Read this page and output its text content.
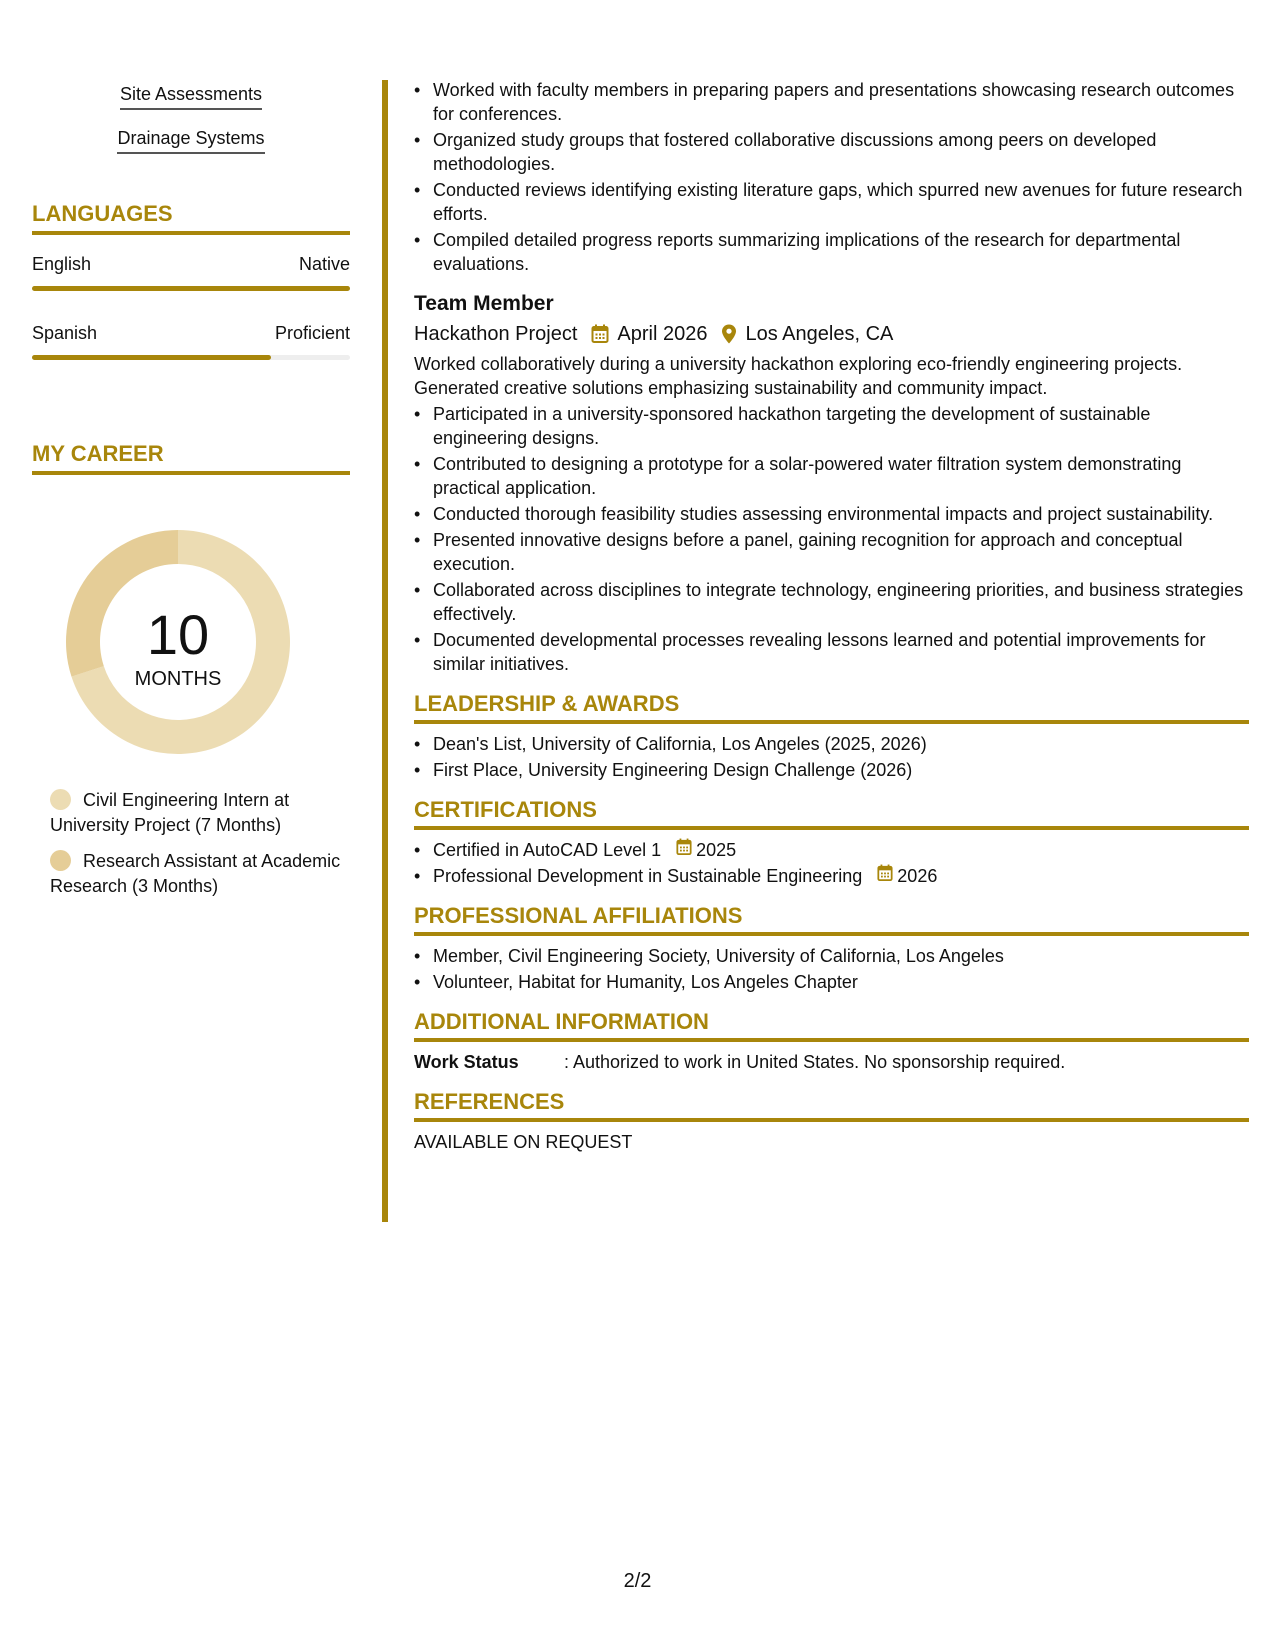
Site Assessments
Drainage Systems
LANGUAGES
English	Native
Spanish	Proficient
MY CAREER
10
MONTHS
Civil Engineering Intern at University Project (7 Months)
Research Assistant at Academic Research (3 Months)
• Worked with faculty members in preparing papers and presentations showcasing research outcomes for conferences.
• Organized study groups that fostered collaborative discussions among peers on developed methodologies.
• Conducted reviews identifying existing literature gaps, which spurred new avenues for future research efforts.
• Compiled detailed progress reports summarizing implications of the research for departmental evaluations.
Team Member
Hackathon Project April 2026 Los Angeles, CA
Worked collaboratively during a university hackathon exploring eco-friendly engineering projects. Generated creative solutions emphasizing sustainability and community impact.
• Participated in a university-sponsored hackathon targeting the development of sustainable engineering designs.
• Contributed to designing a prototype for a solar-powered water filtration system demonstrating practical application.
• Conducted thorough feasibility studies assessing environmental impacts and project sustainability.
• Presented innovative designs before a panel, gaining recognition for approach and conceptual execution.
• Collaborated across disciplines to integrate technology, engineering priorities, and business strategies effectively.
• Documented developmental processes revealing lessons learned and potential improvements for similar initiatives.
LEADERSHIP & AWARDS
• Dean's List, University of California, Los Angeles (2025, 2026)
• First Place, University Engineering Design Challenge (2026)
CERTIFICATIONS
• Certified in AutoCAD Level 1 2025
• Professional Development in Sustainable Engineering 2026
PROFESSIONAL AFFILIATIONS
• Member, Civil Engineering Society, University of California, Los Angeles
• Volunteer, Habitat for Humanity, Los Angeles Chapter
ADDITIONAL INFORMATION
Work Status	: Authorized to work in United States. No sponsorship required.
REFERENCES
AVAILABLE ON REQUEST
2/2
